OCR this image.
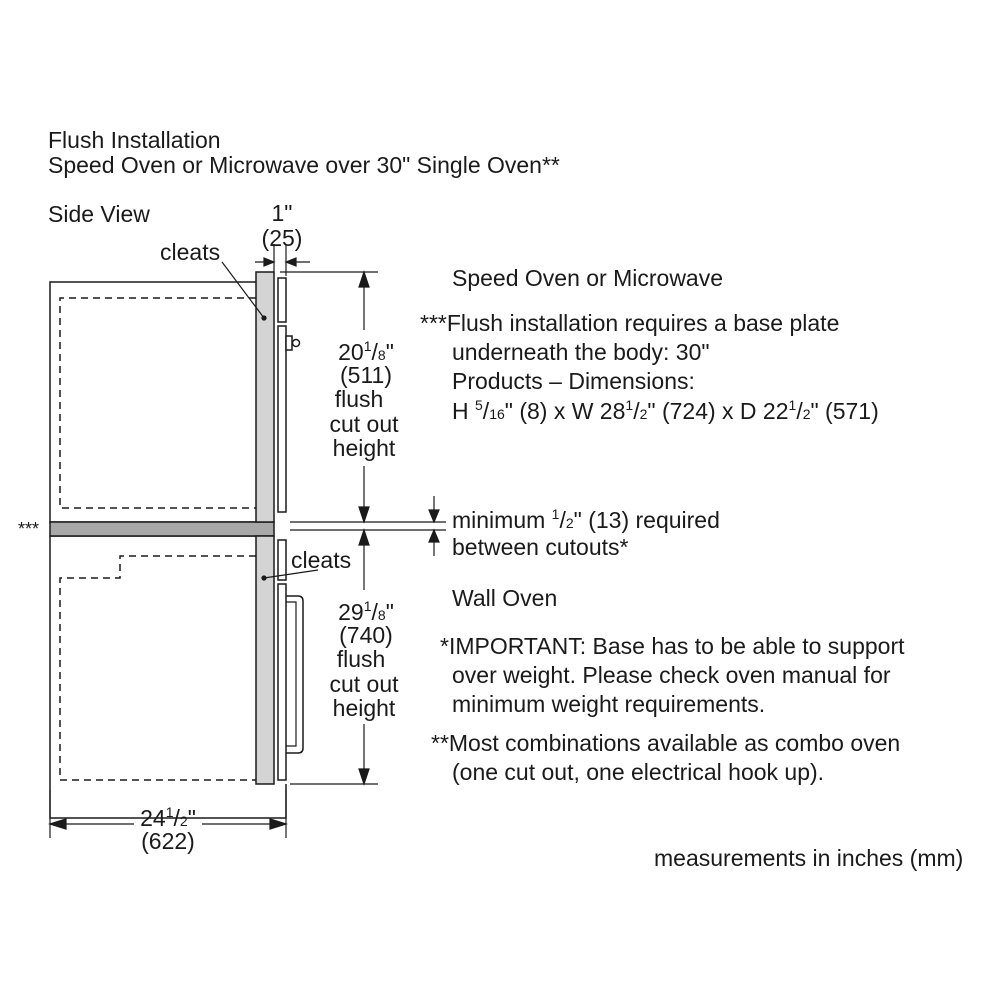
Flush Installation
Speed Oven or Microwave over 30" Single Oven**
Side View
cleats
cleats
***
1"
(25)
$20^1/8$"
(511)
flush
cut out
height
$29^1/8$"
(740)
flush
cut out
height
$24^1/2$"
(622)
Speed Oven or Microwave
***Flush installation requires a base plate
underneath the body: 30"
Products – Dimensions:
H $^5$/16" (8) x W $28^1/2$" (724) x D $22^1/2$" (571)
minimum $^1$/2" (13) required
between cutouts*
Wall Oven
*IMPORTANT: Base has to be able to support
over weight. Please check oven manual for
minimum weight requirements.
**Most combinations available as combo oven
(one cut out, one electrical hook up).
measurements in inches (mm)
